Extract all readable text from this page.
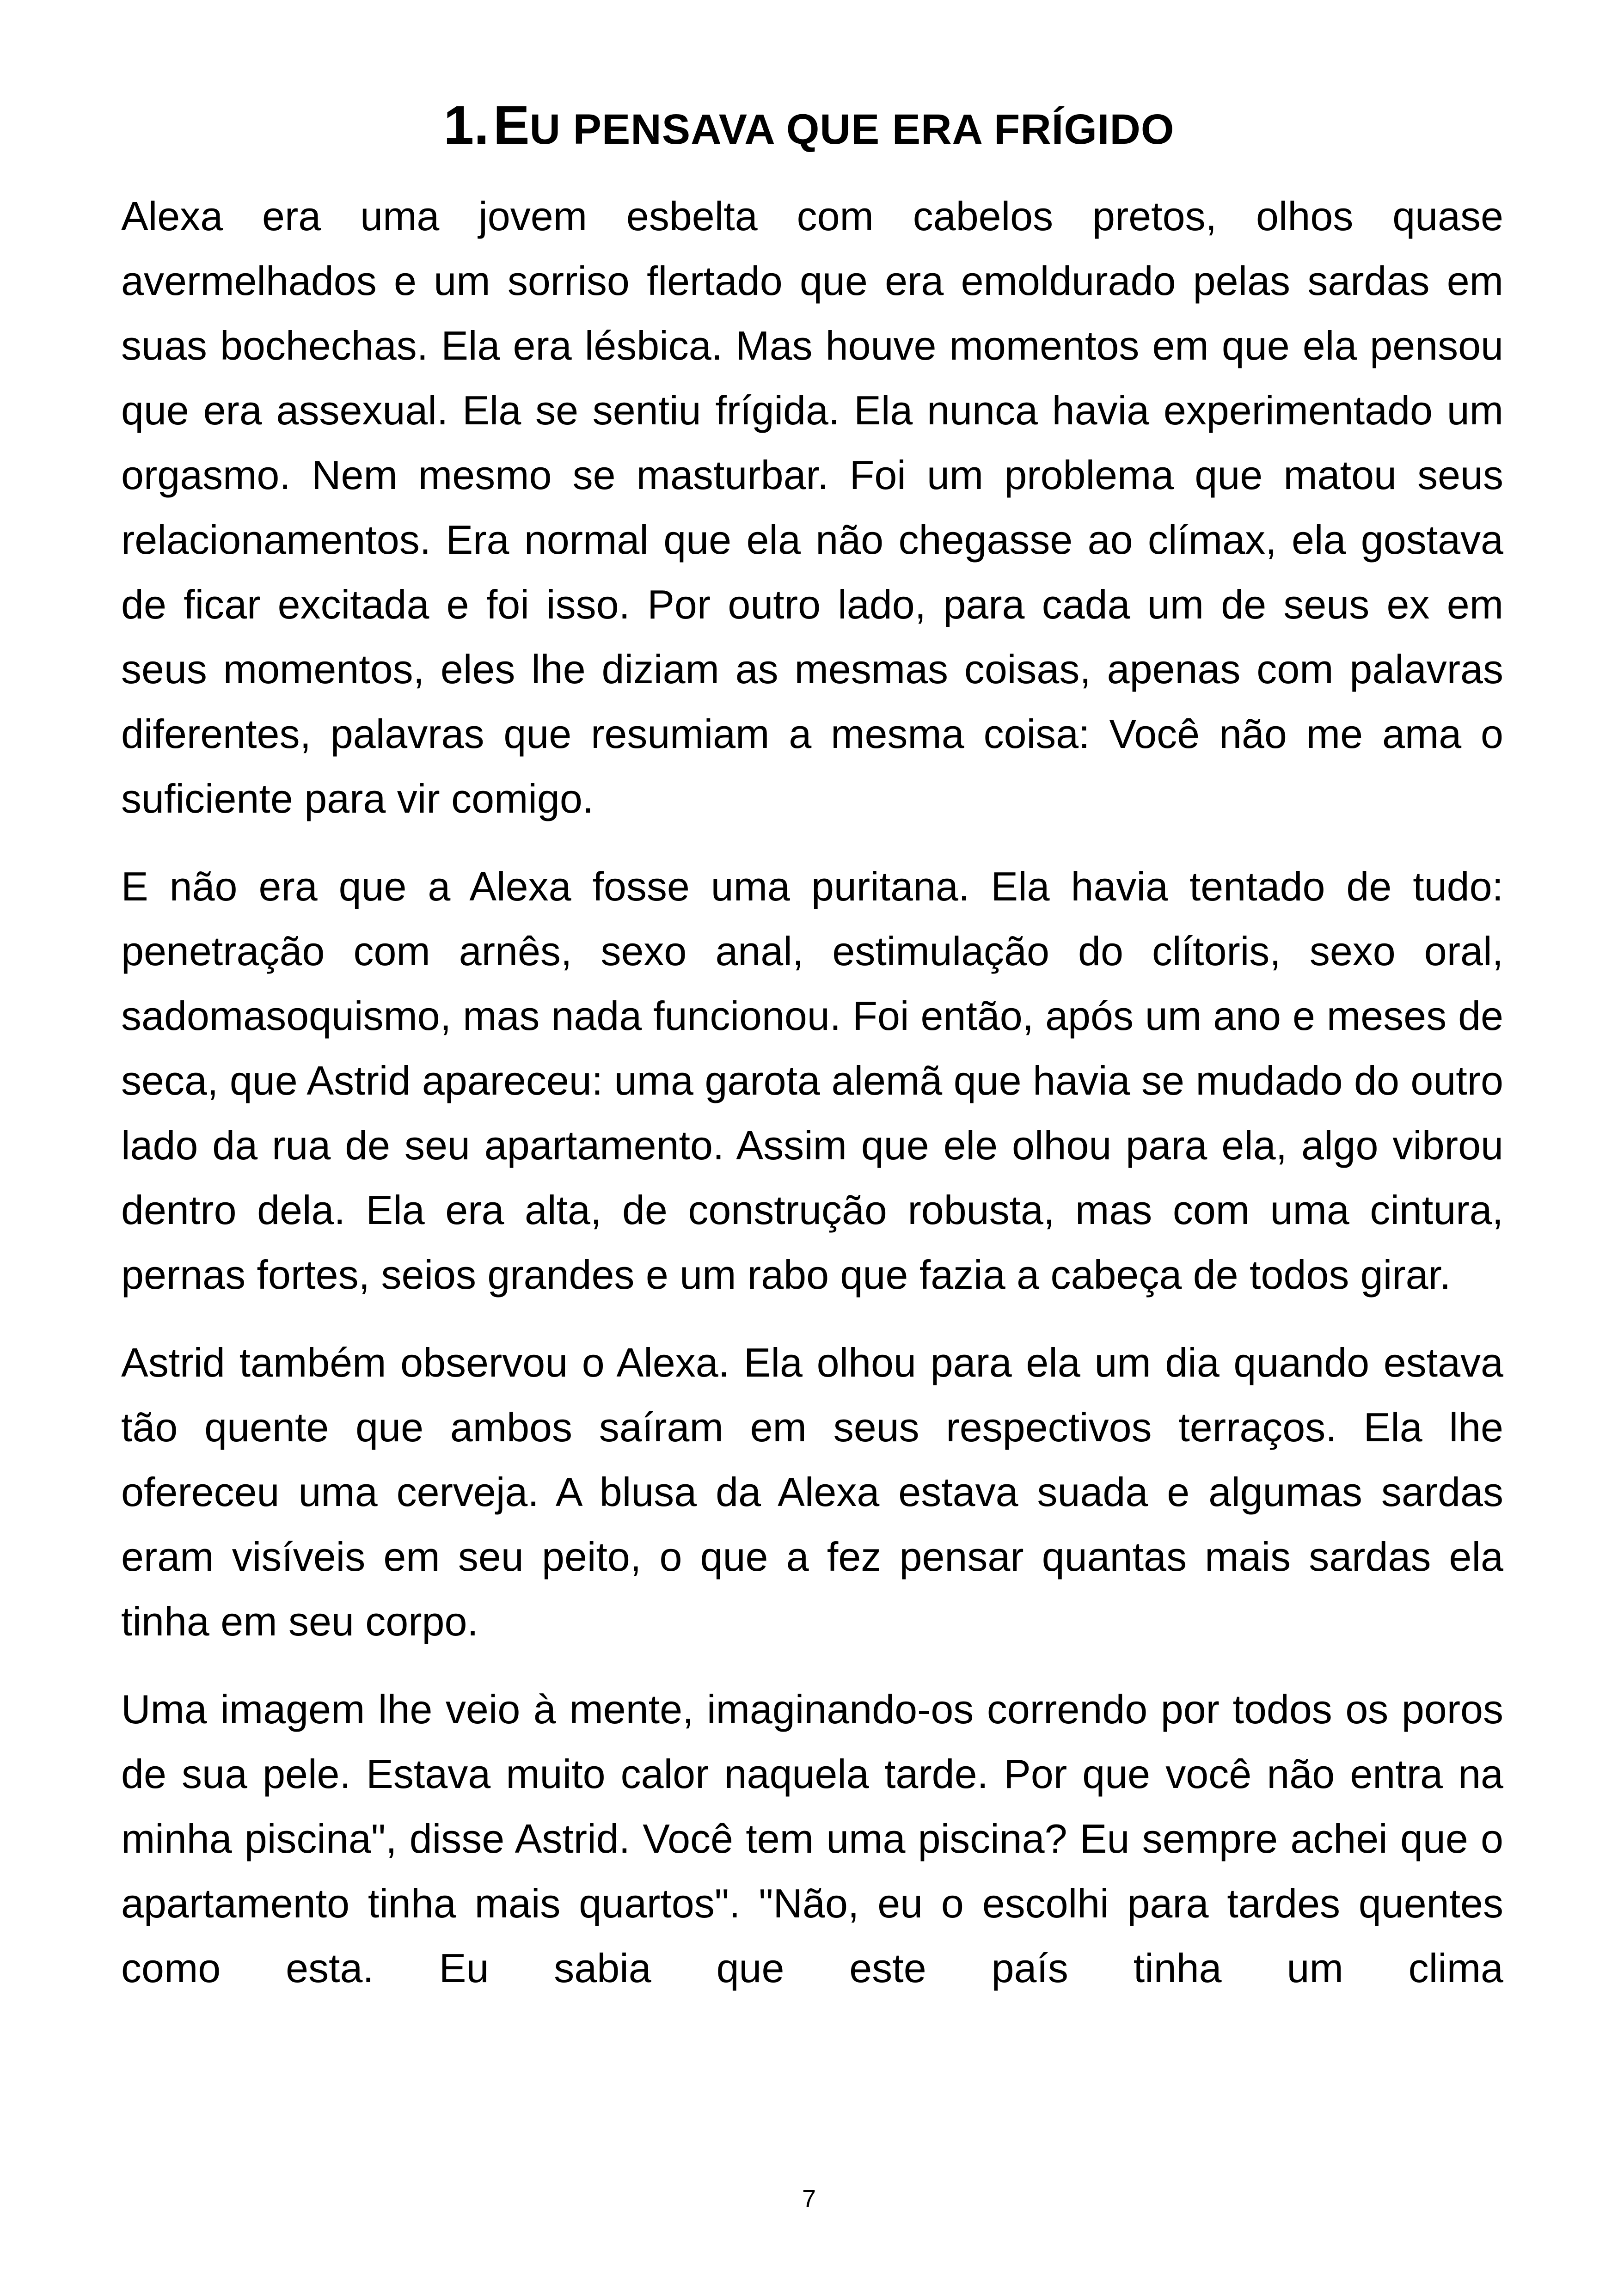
1. EU PENSAVA QUE ERA FRÍGIDO

Alexa era uma jovem esbelta com cabelos pretos, olhos quase avermelhados e um sorriso flertado que era emoldurado pelas sardas em suas bochechas. Ela era lésbica. Mas houve momentos em que ela pensou que era assexual. Ela se sentiu frígida. Ela nunca havia experimentado um orgasmo. Nem mesmo se masturbar. Foi um problema que matou seus relacionamentos. Era normal que ela não chegasse ao clímax, ela gostava de ficar excitada e foi isso. Por outro lado, para cada um de seus ex em seus momentos, eles lhe diziam as mesmas coisas, apenas com palavras diferentes, palavras que resumiam a mesma coisa: Você não me ama o suficiente para vir comigo.

E não era que a Alexa fosse uma puritana. Ela havia tentado de tudo: penetração com arnês, sexo anal, estimulação do clítoris, sexo oral, sadomasoquismo, mas nada funcionou. Foi então, após um ano e meses de seca, que Astrid apareceu: uma garota alemã que havia se mudado do outro lado da rua de seu apartamento. Assim que ele olhou para ela, algo vibrou dentro dela. Ela era alta, de construção robusta, mas com uma cintura, pernas fortes, seios grandes e um rabo que fazia a cabeça de todos girar.

Astrid também observou o Alexa. Ela olhou para ela um dia quando estava tão quente que ambos saíram em seus respectivos terraços. Ela lhe ofereceu uma cerveja. A blusa da Alexa estava suada e algumas sardas eram visíveis em seu peito, o que a fez pensar quantas mais sardas ela tinha em seu corpo.

Uma imagem lhe veio à mente, imaginando-os correndo por todos os poros de sua pele. Estava muito calor naquela tarde. Por que você não entra na minha piscina", disse Astrid. Você tem uma piscina? Eu sempre achei que o apartamento tinha mais quartos". "Não, eu o escolhi para tardes quentes como esta. Eu sabia que este país tinha um clima

7
